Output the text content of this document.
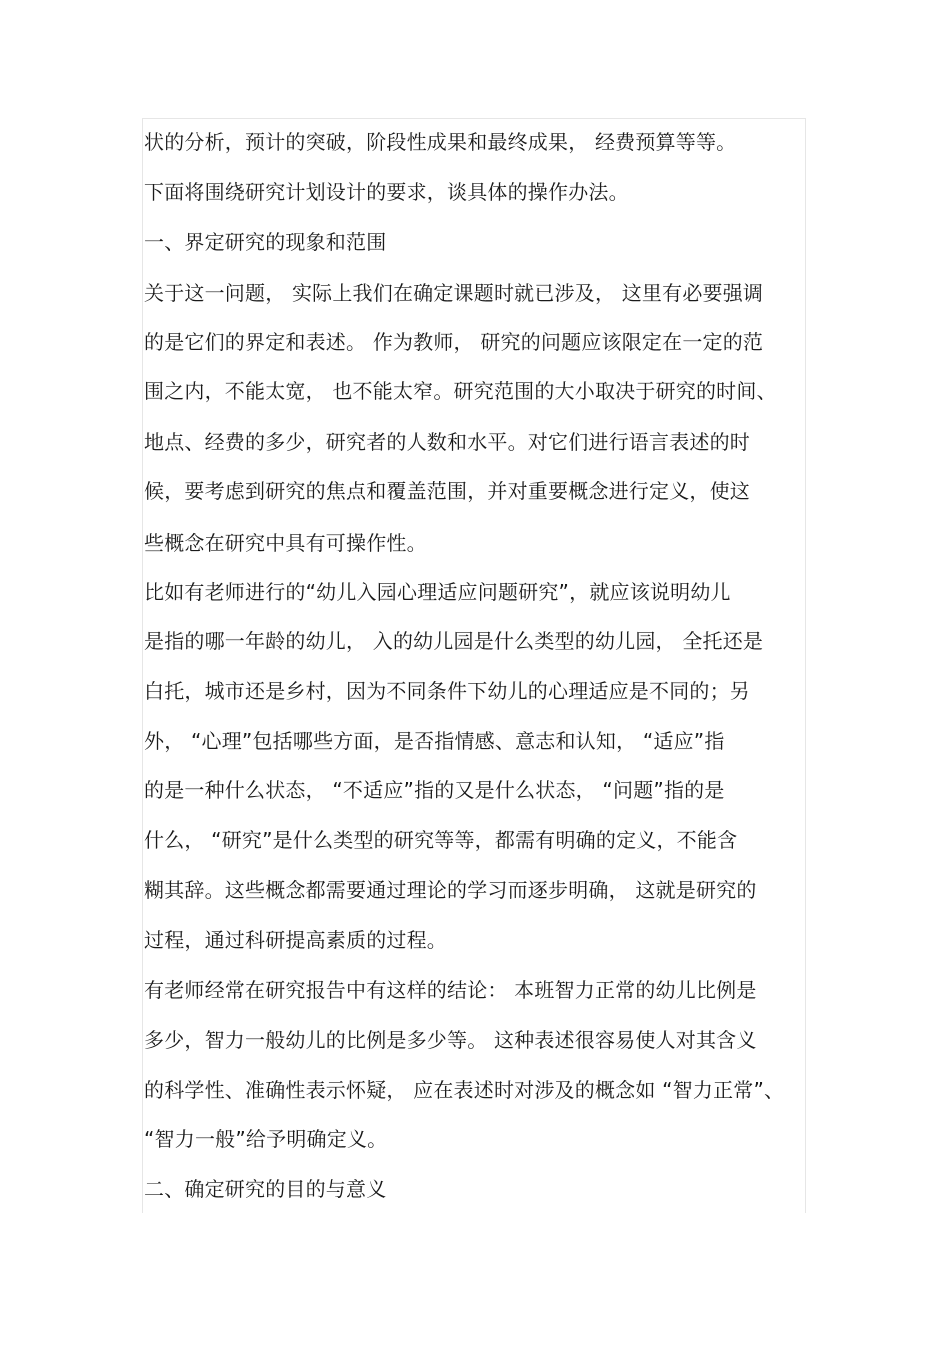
状的分析，预计的突破，阶段性成果和最终成果， 经费预算等等。
下面将围绕研究计划设计的要求，谈具体的操作办法。
一、界定研究的现象和范围
关于这一问题， 实际上我们在确定课题时就已涉及， 这里有必要强调
的是它们的界定和表述。 作为教师， 研究的问题应该限定在一定的范
围之内，不能太宽， 也不能太窄。研究范围的大小取决于研究的时间、
地点、经费的多少，研究者的人数和水平。对它们进行语言表述的时
候，要考虑到研究的焦点和覆盖范围，并对重要概念进行定义，使这
些概念在研究中具有可操作性。
比如有老师进行的“幼儿入园心理适应问题研究”，就应该说明幼儿
是指的哪一年龄的幼儿， 入的幼儿园是什么类型的幼儿园， 全托还是
白托，城市还是乡村，因为不同条件下幼儿的心理适应是不同的；另
外， “心理”包括哪些方面，是否指情感、意志和认知， “适应”指
的是一种什么状态， “不适应”指的又是什么状态， “问题”指的是
什么， “研究”是什么类型的研究等等，都需有明确的定义，不能含
糊其辞。这些概念都需要通过理论的学习而逐步明确， 这就是研究的
过程，通过科研提高素质的过程。
有老师经常在研究报告中有这样的结论： 本班智力正常的幼儿比例是
多少，智力一般幼儿的比例是多少等。 这种表述很容易使人对其含义
的科学性、准确性表示怀疑， 应在表述时对涉及的概念如 “智力正常”、
“智力一般”给予明确定义。
二、确定研究的目的与意义
